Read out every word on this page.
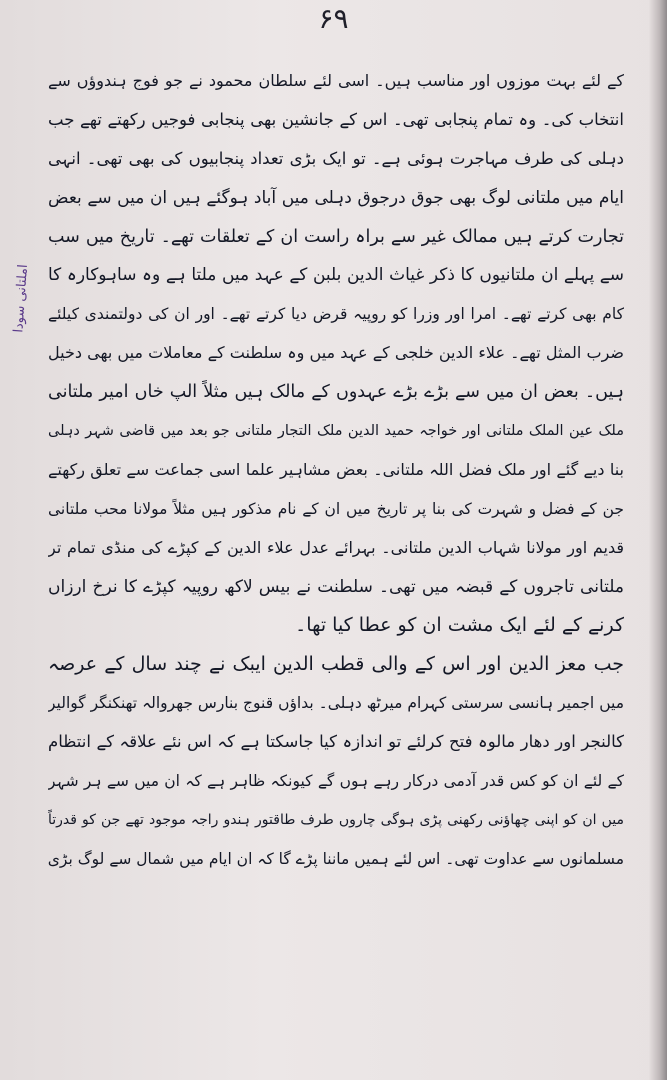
۶۹
املتانی سودا
کے لئے بہت موزوں اور مناسب ہیں۔ اسی لئے سلطان محمود نے جو فوج ہندوؤں سے
انتخاب کی۔ وہ تمام پنجابی تھی۔ اس کے جانشین بھی پنجابی فوجیں رکھتے تھے جب
دہلی کی طرف مہاجرت ہوئی ہے۔ تو ایک بڑی تعداد پنجابیوں کی بھی تھی۔ انہی
ایام میں ملتانی لوگ بھی جوق درجوق دہلی میں آباد ہوگئے ہیں ان میں سے بعض
تجارت کرتے ہیں ممالک غیر سے براہ راست ان کے تعلقات تھے۔ تاریخ میں سب
سے پہلے ان ملتانیوں کا ذکر غیاث الدین بلبن کے عہد میں ملتا ہے وہ ساہوکارہ کا
کام بھی کرتے تھے۔ امرا اور وزرا کو روپیہ قرض دیا کرتے تھے۔ اور ان کی دولتمندی کیلئے
ضرب المثل تھے۔ علاء الدین خلجی کے عہد میں وہ سلطنت کے معاملات میں بھی دخیل
ہیں۔ بعض ان میں سے بڑے بڑے عہدوں کے مالک ہیں مثلاً الپ خاں امیر ملتانی
ملک عین الملک ملتانی اور خواجہ حمید الدین ملک التجار ملتانی جو بعد میں قاضی شہر دہلی
بنا دیے گئے اور ملک فضل اللہ ملتانی۔ بعض مشاہیر علما اسی جماعت سے تعلق رکھتے
جن کے فضل و شہرت کی بنا پر تاریخ میں ان کے نام مذکور ہیں مثلاً مولانا محب ملتانی
قدیم اور مولانا شہاب الدین ملتانی۔ بہرائے عدل علاء الدین کے کپڑے کی منڈی تمام تر
ملتانی تاجروں کے قبضہ میں تھی۔ سلطنت نے بیس لاکھ روپیہ کپڑے کا نرخ ارزاں
کرنے کے لئے ایک مشت ان کو عطا کیا تھا۔
جب معز الدین اور اس کے والی قطب الدین ایبک نے چند سال کے عرصہ
میں اجمیر ہانسی سرستی کہرام میرٹھ دہلی۔ بداؤں قنوج بنارس جھروالہ تھنکنگر گوالیر
کالنجر اور دھار مالوہ فتح کرلئے تو اندازہ کیا جاسکتا ہے کہ اس نئے علاقہ کے انتظام
کے لئے ان کو کس قدر آدمی درکار رہے ہوں گے کیونکہ ظاہر ہے کہ ان میں سے ہر شہر
میں ان کو اپنی چھاؤنی رکھنی پڑی ہوگی چاروں طرف طاقتور ہندو راجہ موجود تھے جن کو قدرتاً
مسلمانوں سے عداوت تھی۔ اس لئے ہمیں ماننا پڑے گا کہ ان ایام میں شمال سے لوگ بڑی
